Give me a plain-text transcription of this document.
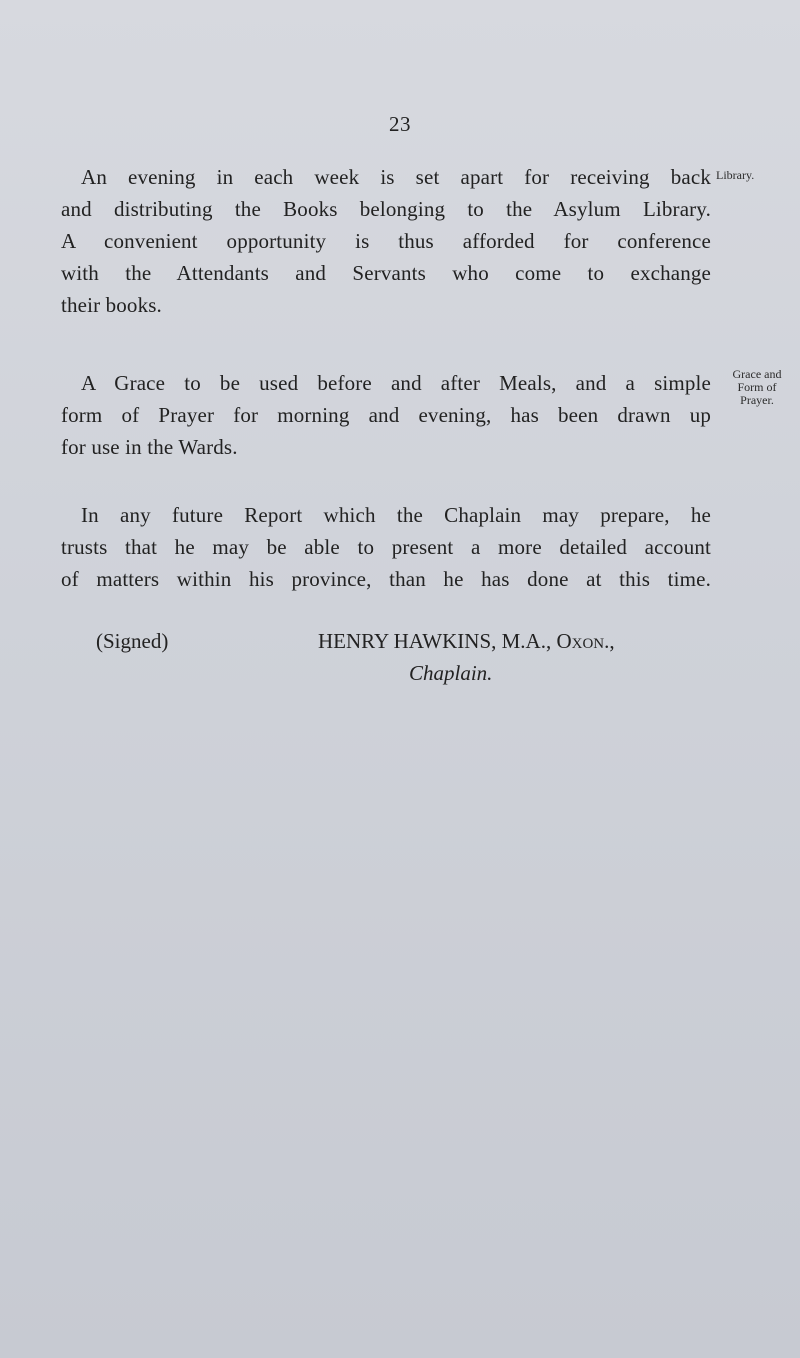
23

An evening in each week is set apart for receiving back
and distributing the Books belonging to the Asylum Library.
A convenient opportunity is thus afforded for conference
with the Attendants and Servants who come to exchange
their books.

Library.

A Grace to be used before and after Meals, and a simple
form of Prayer for morning and evening, has been drawn up
for use in the Wards.

Grace and
Form of
Prayer.

In any future Report which the Chaplain may prepare, he
trusts that he may be able to present a more detailed account
of matters within his province, than he has done at this time.

(Signed)	HENRY HAWKINS, M.A., Oxon.,
Chaplain.
